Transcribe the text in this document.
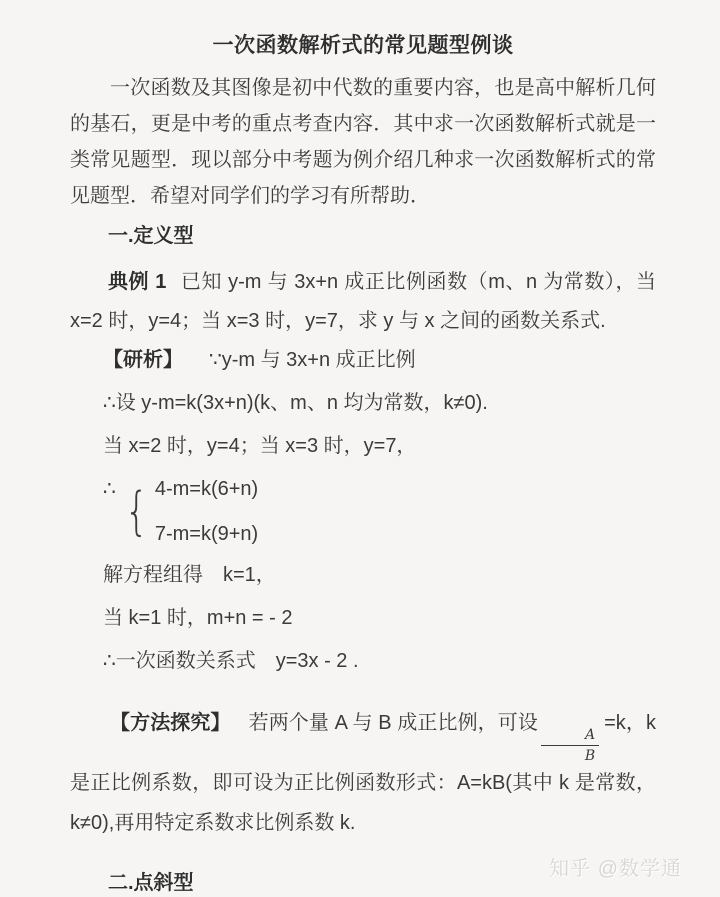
一次函数解析式的常见题型例谈

一次函数及其图像是初中代数的重要内容，也是高中解析几何的基石，更是中考的重点考查内容．其中求一次函数解析式就是一类常见题型．现以部分中考题为例介绍几种求一次函数解析式的常见题型．希望对同学们的学习有所帮助．

一.定义型

典例 1 已知 y-m 与 3x+n 成正比例函数（m、n 为常数），当 x=2 时，y=4；当 x=3 时，y=7，求 y 与 x 之间的函数关系式.

【研析】 ∵y-m 与 3x+n 成正比例

∴设 y-m=k(3x+n)(k、m、n 均为常数，k≠0).

当 x=2 时，y=4；当 x=3 时，y=7，

∴ { 4-m=k(6+n)
7-m=k(9+n)

解方程组得　k=1，

当 k=1 时，m+n = - 2

∴一次函数关系式　y=3x - 2 .

【方法探究】 若两个量 A 与 B 成正比例，可设
$\frac{A}{B}$
=k，k 是正比例系数，即可设为正比例函数形式：A=kB(其中 k 是常数，k≠0),再用特定系数求比例系数 k.

二.点斜型
知乎 @数学通
